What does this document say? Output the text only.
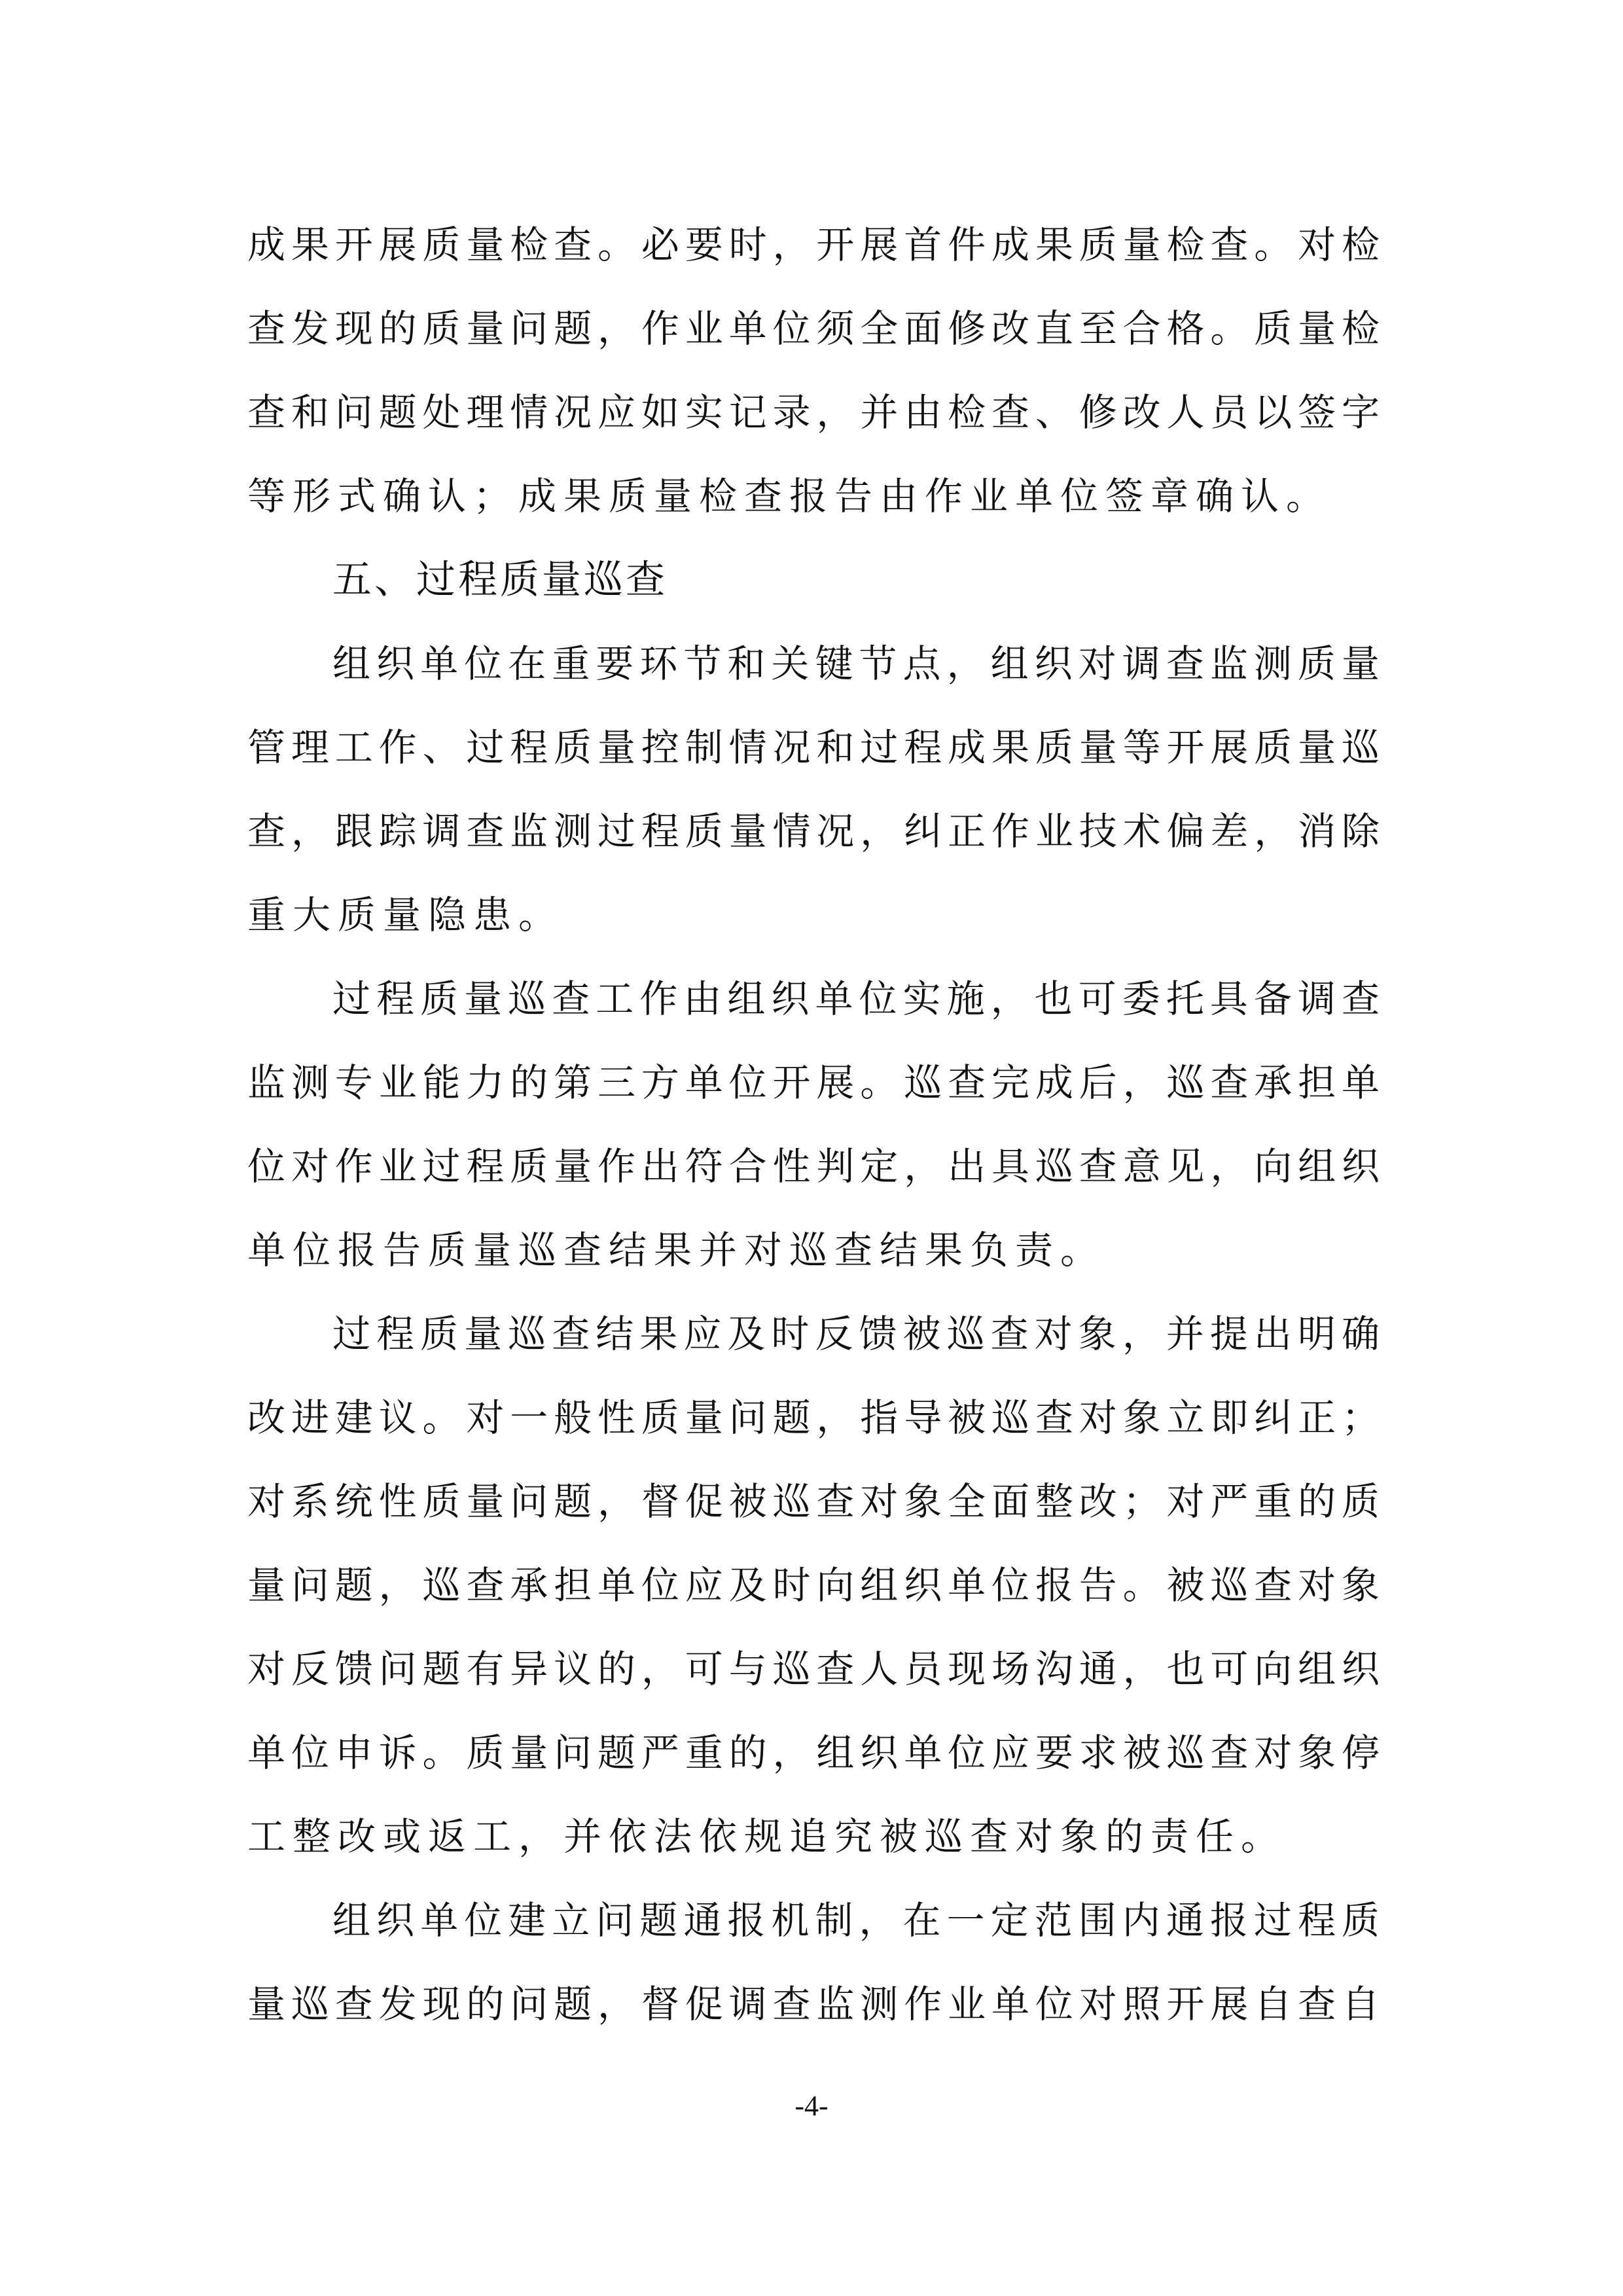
成果开展质量检查。必要时，开展首件成果质量检查。对检
查发现的质量问题，作业单位须全面修改直至合格。质量检
查和问题处理情况应如实记录，并由检查、修改人员以签字
等形式确认；成果质量检查报告由作业单位签章确认。
五、过程质量巡查
组织单位在重要环节和关键节点，组织对调查监测质量
管理工作、过程质量控制情况和过程成果质量等开展质量巡
查，跟踪调查监测过程质量情况，纠正作业技术偏差，消除
重大质量隐患。
过程质量巡查工作由组织单位实施，也可委托具备调查
监测专业能力的第三方单位开展。巡查完成后，巡查承担单
位对作业过程质量作出符合性判定，出具巡查意见，向组织
单位报告质量巡查结果并对巡查结果负责。
过程质量巡查结果应及时反馈被巡查对象，并提出明确
改进建议。对一般性质量问题，指导被巡查对象立即纠正；
对系统性质量问题，督促被巡查对象全面整改；对严重的质
量问题，巡查承担单位应及时向组织单位报告。被巡查对象
对反馈问题有异议的，可与巡查人员现场沟通，也可向组织
单位申诉。质量问题严重的，组织单位应要求被巡查对象停
工整改或返工，并依法依规追究被巡查对象的责任。
组织单位建立问题通报机制，在一定范围内通报过程质
量巡查发现的问题，督促调查监测作业单位对照开展自查自
-4-
